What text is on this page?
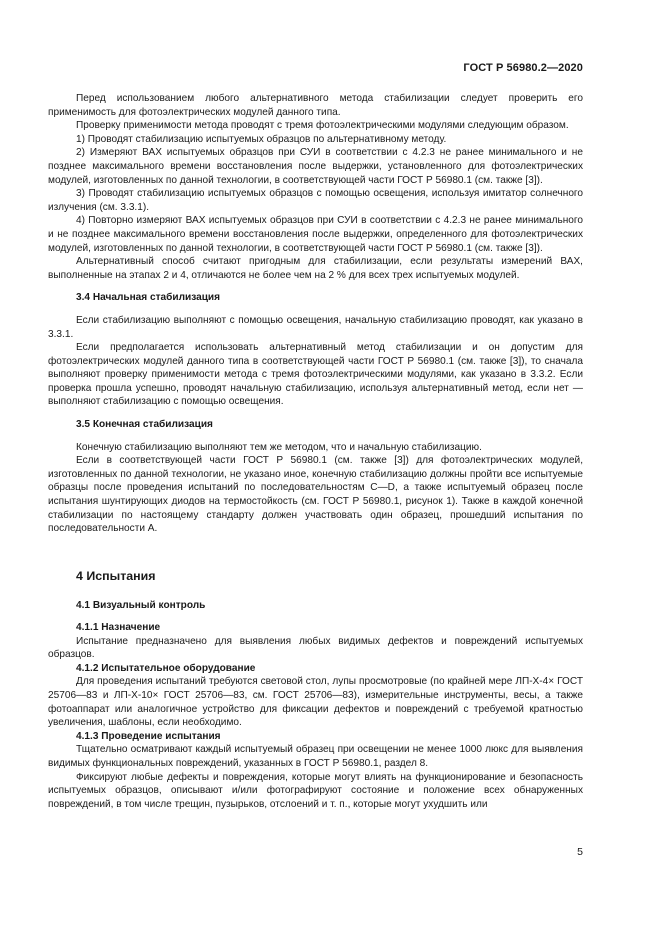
ГОСТ Р 56980.2—2020

Перед использованием любого альтернативного метода стабилизации следует проверить его применимость для фотоэлектрических модулей данного типа.

Проверку применимости метода проводят с тремя фотоэлектрическими модулями следующим образом.

1) Проводят стабилизацию испытуемых образцов по альтернативному методу.

2) Измеряют ВАХ испытуемых образцов при СУИ в соответствии с 4.2.3 не ранее минимального и не позднее максимального времени восстановления после выдержки, установленного для фотоэлектрических модулей, изготовленных по данной технологии, в соответствующей части ГОСТ Р 56980.1 (см. также [3]).

3) Проводят стабилизацию испытуемых образцов с помощью освещения, используя имитатор солнечного излучения (см. 3.3.1).

4) Повторно измеряют ВАХ испытуемых образцов при СУИ в соответствии с 4.2.3 не ранее минимального и не позднее максимального времени восстановления после выдержки, определенного для фотоэлектрических модулей, изготовленных по данной технологии, в соответствующей части ГОСТ Р 56980.1 (см. также [3]).

Альтернативный способ считают пригодным для стабилизации, если результаты измерений ВАХ, выполненные на этапах 2 и 4, отличаются не более чем на 2 % для всех трех испытуемых модулей.

3.4 Начальная стабилизация

Если стабилизацию выполняют с помощью освещения, начальную стабилизацию проводят, как указано в 3.3.1.

Если предполагается использовать альтернативный метод стабилизации и он допустим для фотоэлектрических модулей данного типа в соответствующей части ГОСТ Р 56980.1 (см. также [3]), то сначала выполняют проверку применимости метода с тремя фотоэлектрическими модулями, как указано в 3.3.2. Если проверка прошла успешно, проводят начальную стабилизацию, используя альтернативный метод, если нет — выполняют стабилизацию с помощью освещения.

3.5 Конечная стабилизация

Конечную стабилизацию выполняют тем же методом, что и начальную стабилизацию.

Если в соответствующей части ГОСТ Р 56980.1 (см. также [3]) для фотоэлектрических модулей, изготовленных по данной технологии, не указано иное, конечную стабилизацию должны пройти все испытуемые образцы после проведения испытаний по последовательностям C—D, а также испытуемый образец после испытания шунтирующих диодов на термостойкость (см. ГОСТ Р 56980.1, рисунок 1). Также в каждой конечной стабилизации по настоящему стандарту должен участвовать один образец, прошедший испытания по последовательности А.

4 Испытания
4.1 Визуальный контроль
4.1.1 Назначение

Испытание предназначено для выявления любых видимых дефектов и повреждений испытуемых образцов.

4.1.2 Испытательное оборудование

Для проведения испытаний требуются световой стол, лупы просмотровые (по крайней мере ЛП-Х-4× ГОСТ 25706—83 и ЛП-Х-10× ГОСТ 25706—83, см. ГОСТ 25706—83), измерительные инструменты, весы, а также фотоаппарат или аналогичное устройство для фиксации дефектов и повреждений с требуемой кратностью увеличения, шаблоны, если необходимо.

4.1.3 Проведение испытания

Тщательно осматривают каждый испытуемый образец при освещении не менее 1000 люкс для выявления видимых функциональных повреждений, указанных в ГОСТ Р 56980.1, раздел 8.

Фиксируют любые дефекты и повреждения, которые могут влиять на функционирование и безопасность испытуемых образцов, описывают и/или фотографируют состояние и положение всех обнаруженных повреждений, в том числе трещин, пузырьков, отслоений и т. п., которые могут ухудшить или

5
